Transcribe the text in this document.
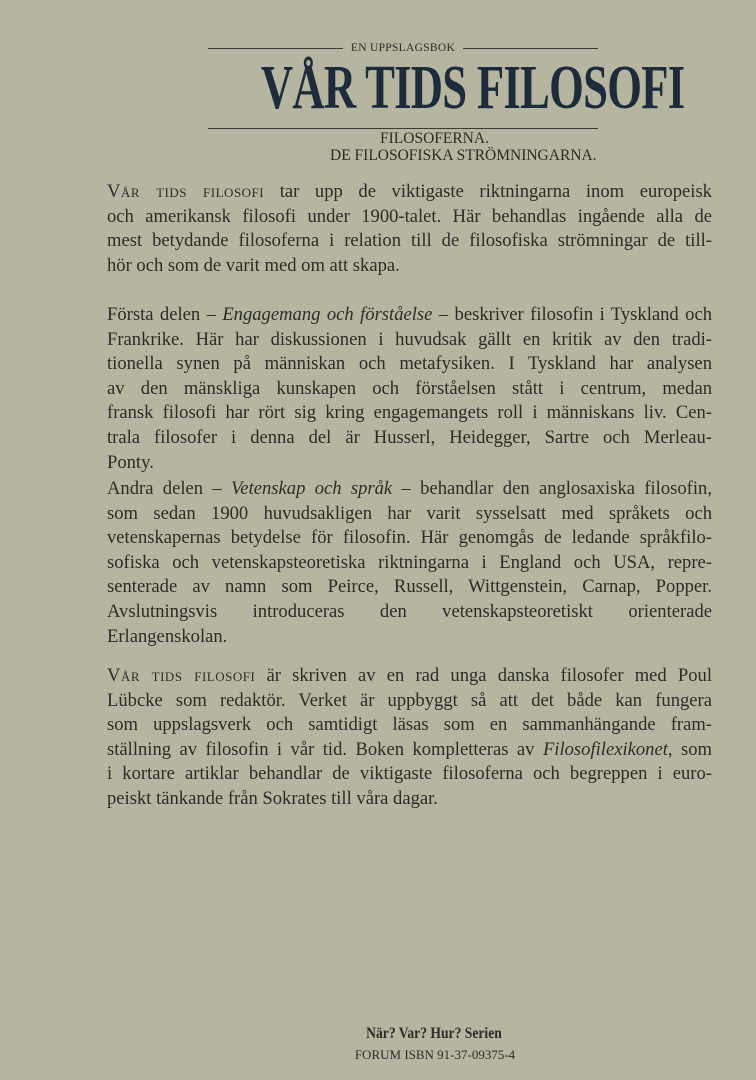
EN UPPSLAGSBOK
VÅR TIDS FILOSOFI
FILOSOFERNA.
DE FILOSOFISKA STRÖMNINGARNA.
Vår tids filosofi tar upp de viktigaste riktningarna inom europeisk
och amerikansk filosofi under 1900-talet. Här behandlas ingående alla de
mest betydande filosoferna i relation till de filosofiska strömningar de till-
hör och som de varit med om att skapa.
Första delen – Engagemang och förståelse – beskriver filosofin i Tyskland och
Frankrike. Här har diskussionen i huvudsak gällt en kritik av den tradi-
tionella synen på människan och metafysiken. I Tyskland har analysen
av den mänskliga kunskapen och förståelsen stått i centrum, medan
fransk filosofi har rört sig kring engagemangets roll i människans liv. Cen-
trala filosofer i denna del är Husserl, Heidegger, Sartre och Merleau-
Ponty.
Andra delen – Vetenskap och språk – behandlar den anglosaxiska filosofin,
som sedan 1900 huvudsakligen har varit sysselsatt med språkets och
vetenskapernas betydelse för filosofin. Här genomgås de ledande språkfilo-
sofiska och vetenskapsteoretiska riktningarna i England och USA, repre-
senterade av namn som Peirce, Russell, Wittgenstein, Carnap, Popper.
Avslutningsvis introduceras den vetenskapsteoretiskt orienterade
Erlangenskolan.
Vår tids filosofi är skriven av en rad unga danska filosofer med Poul
Lübcke som redaktör. Verket är uppbyggt så att det både kan fungera
som uppslagsverk och samtidigt läsas som en sammanhängande fram-
ställning av filosofin i vår tid. Boken kompletteras av Filosofilexikonet, som
i kortare artiklar behandlar de viktigaste filosoferna och begreppen i euro-
peiskt tänkande från Sokrates till våra dagar.
När? Var? Hur? Serien
FORUM ISBN 91-37-09375-4
